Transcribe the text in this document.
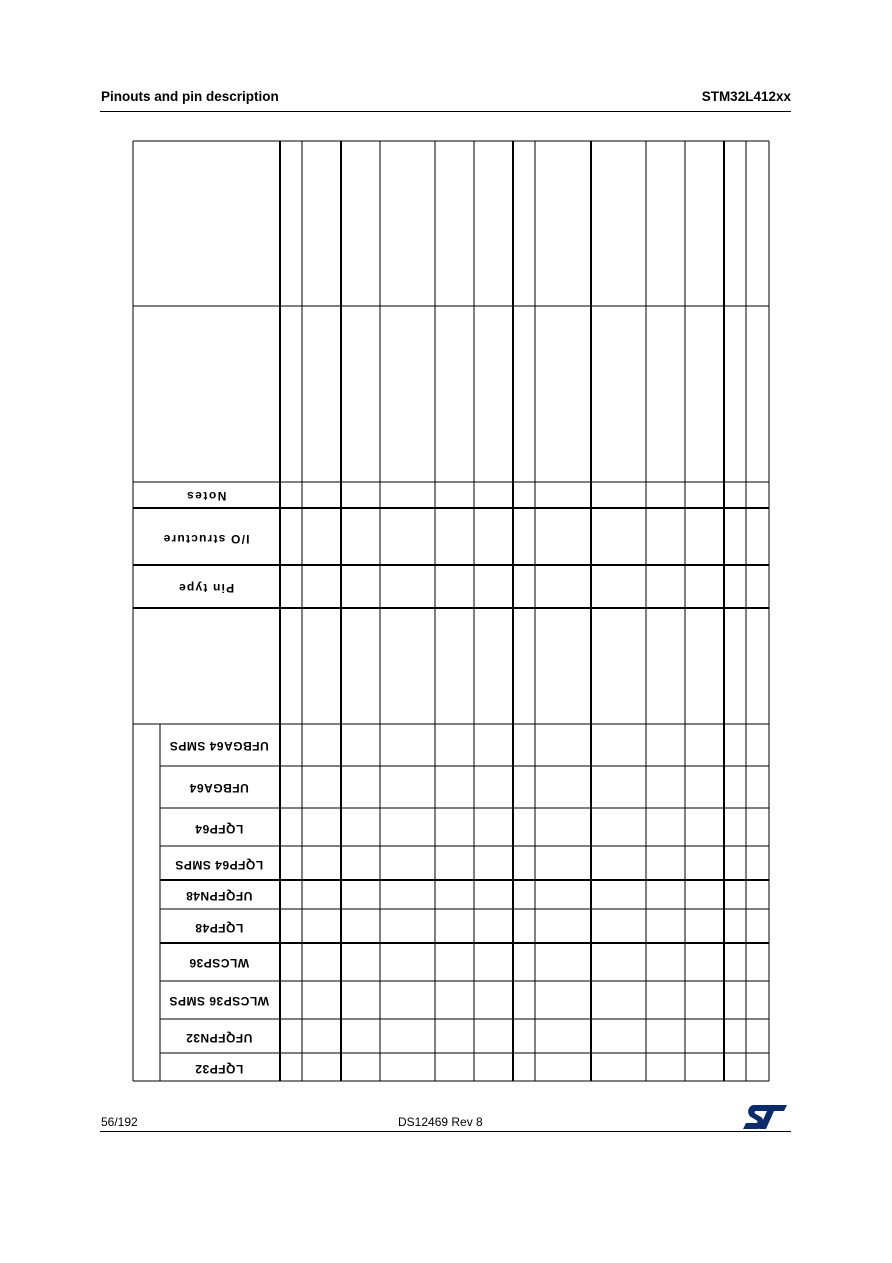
Pinouts and pin description	STM32L412xx
Notes
I/O structure
Pin type
UFBGA64 SMPS
UFBGA64
LQFP64
LQFP64 SMPS
UFQFPN48
LQFP48
WLCSP36
WLCSP36 SMPS
UFQFPN32
LQFP32
56/192	DS12469 Rev 8
